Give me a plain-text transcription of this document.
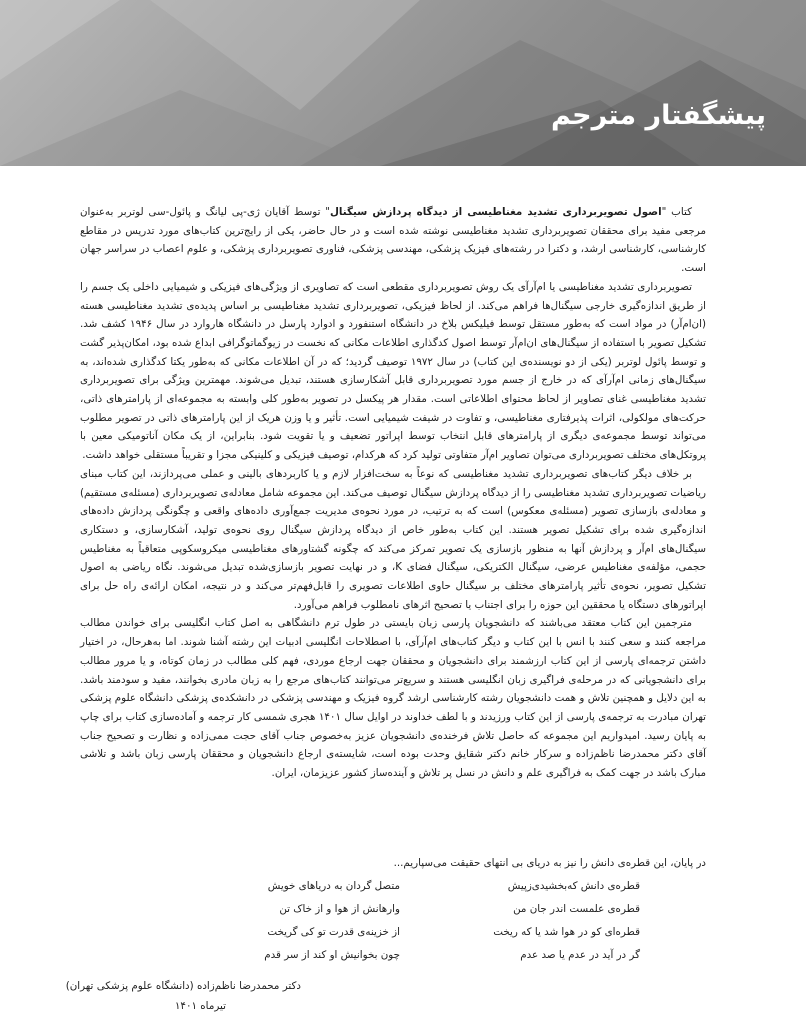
پیشگفتار مترجم

کتاب "اصول تصویربرداری تشدید مغناطیسی از دیدگاه پردازش سیگنال" توسط آقایان ژی-پی لیانگ و پائول-سی لوتربر به‌عنوان مرجعی مفید برای محققان تصویربرداری تشدید مغناطیسی نوشته شده است و در حال حاضر، یکی از رایج‌ترین کتاب‌های مورد تدریس در مقاطع کارشناسی، کارشناسی ارشد، و دکترا در رشته‌های فیزیک پزشکی، مهندسی پزشکی، فناوری تصویربرداری پزشکی، و علوم اعصاب در سراسر جهان است.

تصویربرداری تشدید مغناطیسی یا ام‌آرآی یک روش تصویربرداری مقطعی است که تصاویری از ویژگی‌های فیزیکی و شیمیایی داخلی یک جسم را از طریق اندازه‌گیری خارجی سیگنال‌ها فراهم می‌کند. از لحاظ فیزیکی، تصویربرداری تشدید مغناطیسی بر اساس پدیده‌ی تشدید مغناطیسی هسته (ان‌ام‌آر) در مواد است که به‌طور مستقل توسط فیلیکس بلاخ در دانشگاه استنفورد و ادوارد پارسل در دانشگاه هاروارد در سال ۱۹۴۶ کشف شد. تشکیل تصویر با استفاده از سیگنال‌های ان‌ام‌آر توسط اصول کدگذاری اطلاعات مکانی که نخست در زیوگماتوگرافی ابداع شده بود، امکان‌پذیر گشت و توسط پائول لوتربر (یکی از دو نویسنده‌ی این کتاب) در سال ۱۹۷۲ توصیف گردید؛ که در آن اطلاعات مکانی که به‌طور یکتا کدگذاری شده‌اند، به سیگنال‌های زمانی ام‌آرآی که در خارج از جسم مورد تصویربرداری قابل آشکارسازی هستند، تبدیل می‌شوند. مهمترین ویژگی برای تصویربرداری تشدید مغناطیسی غنای تصاویر از لحاظ محتوای اطلاعاتی است. مقدار هر پیکسل در تصویر به‌طور کلی وابسته به مجموعه‌ای از پارامترهای ذاتی، حرکت‌های مولکولی، اثرات پذیرفتاری مغناطیسی، و تفاوت در شیفت شیمیایی است. تأثیر و یا وزن هریک از این پارامترهای ذاتی در تصویر مطلوب می‌تواند توسط مجموعه‌ی دیگری از پارامترهای قابل انتخاب توسط اپراتور تضعیف و یا تقویت شود. بنابراین، از یک مکان آناتومیکی معین با پروتکل‌های مختلف تصویربرداری می‌توان تصاویر ام‌آر متفاوتی تولید کرد که هرکدام، توصیف فیزیکی و کلینیکی مجزا و تقریباً مستقلی خواهد داشت.

بر خلاف دیگر کتاب‌های تصویربرداری تشدید مغناطیسی که نوعاً به سخت‌افزار لازم و یا کاربردهای بالینی و عملی می‌پردازند، این کتاب مبنای ریاضیات تصویربرداری تشدید مغناطیسی را از دیدگاه پردازش سیگنال توصیف می‌کند. این مجموعه شامل معادله‌ی تصویربرداری (مسئله‌ی مستقیم) و معادله‌ی بازسازی تصویر (مسئله‌ی معکوس) است که به ترتیب، در مورد نحوه‌ی مدیریت جمع‌آوری داده‌های واقعی و چگونگی پردازش داده‌های اندازه‌گیری شده برای تشکیل تصویر هستند. این کتاب به‌طور خاص از دیدگاه پردازش سیگنال روی نحوه‌ی تولید، آشکارسازی، و دستکاری سیگنال‌های ام‌آر و پردازش آنها به منظور بازسازی یک تصویر تمرکز می‌کند که چگونه گشتاورهای مغناطیسی میکروسکوپی متعاقباً به مغناطیس حجمی، مؤلفه‌ی مغناطیس عرضی، سیگنال الکتریکی، سیگنال فضای K، و در نهایت تصویر بازسازی‌شده تبدیل می‌شوند. نگاه ریاضی به اصول تشکیل تصویر، نحوه‌ی تأثیر پارامترهای مختلف بر سیگنال حاوی اطلاعات تصویری را قابل‌فهم‌تر می‌کند و در نتیجه، امکان ارائه‌ی راه حل برای اپراتورهای دستگاه یا محققین این حوزه را برای اجتناب یا تصحیح اثرهای نامطلوب فراهم می‌آورد.

مترجمین این کتاب معتقد می‌باشند که دانشجویان پارسی زبان بایستی در طول ترم دانشگاهی به اصل کتاب انگلیسی برای خواندن مطالب مراجعه کنند و سعی کنند با انس با این کتاب و دیگر کتاب‌های ام‌آرآی، با اصطلاحات انگلیسی ادبیات این رشته آشنا شوند. اما به‌هرحال، در اختیار داشتن ترجمه‌ای پارسی از این کتاب ارزشمند برای دانشجویان و محققان جهت ارجاع موردی، فهم کلی مطالب در زمان کوتاه، و یا مرور مطالب برای دانشجویانی که در مرحله‌ی فراگیری زبان انگلیسی هستند و سریع‌تر می‌توانند کتاب‌های مرجع را به زبان مادری بخوانند، مفید و سودمند باشد. به این دلایل و همچنین تلاش و همت دانشجویان رشته کارشناسی ارشد گروه فیزیک و مهندسی پزشکی در دانشکده‌ی پزشکی دانشگاه علوم پزشکی تهران مبادرت به ترجمه‌ی پارسی از این کتاب ورزیدند و با لطف خداوند در اوایل سال ۱۴۰۱ هجری شمسی کار ترجمه و آماده‌سازی کتاب برای چاپ به پایان رسید. امیدواریم این مجموعه که حاصل تلاش فرخنده‌ی دانشجویان عزیز به‌خصوص جناب آقای حجت ممی‌زاده و نظارت و تصحیح جناب آقای دکتر محمدرضا ناظم‌زاده و سرکار خانم دکتر شقایق وحدت بوده است، شایسته‌ی ارجاع دانشجویان و محققان پارسی زبان باشد و تلاشی مبارک باشد در جهت کمک به فراگیری علم و دانش در نسل پر تلاش و آینده‌ساز کشور عزیزمان، ایران.

در پایان، این قطره‌ی دانش را نیز به دریای بی انتهای حقیقت می‌سپاریم...
قطره‌ی دانش که‌بخشیدی‌زپیش
متصل گردان به دریاهای خویش
قطره‌ی علمست اندر جان من
وارهانش از هوا و از خاک تن
قطره‌ای کو در هوا شد یا که ریخت
از خزینه‌ی قدرت تو کی گریخت
گر در آید در عدم یا صد عدم
چون بخوانیش او کند از سر قدم
دکتر محمدرضا ناظم‌زاده (دانشگاه علوم پزشکی تهران)
تیرماه ۱۴۰۱
